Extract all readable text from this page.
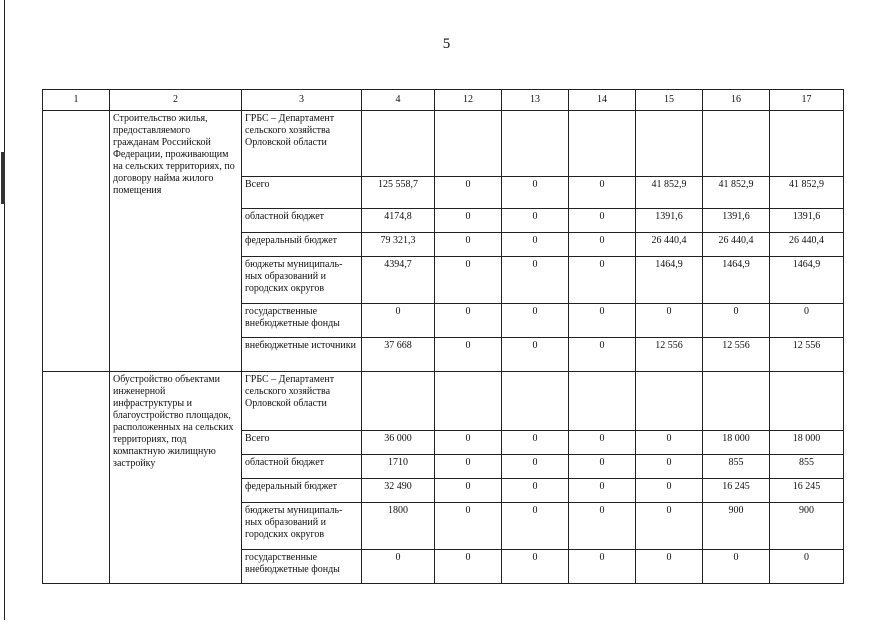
5
1	2	3	4	12	13	14	15	16	17
	Строительство жилья, предоставляемого гражданам Российской Федерации, проживающим на сельских территориях, по договору найма жилого помещения	ГРБС – Департамент сельского хозяйства Орловской области							
		Всего	125 558,7	0	0	0	41 852,9	41 852,9	41 852,9
		областной бюджет	4174,8	0	0	0	1391,6	1391,6	1391,6
		федеральный бюджет	79 321,3	0	0	0	26 440,4	26 440,4	26 440,4
		бюджеты муниципаль-ных образований и городских округов	4394,7	0	0	0	1464,9	1464,9	1464,9
		государственные внебюджетные фонды	0	0	0	0	0	0	0
		внебюджетные источники	37 668	0	0	0	12 556	12 556	12 556
	Обустройство объектами инженерной инфраструктуры и благоустройство площадок, расположенных на сельских территориях, под компактную жилищную застройку	ГРБС – Департамент сельского хозяйства Орловской области							
		Всего	36 000	0	0	0	0	18 000	18 000
		областной бюджет	1710	0	0	0	0	855	855
		федеральный бюджет	32 490	0	0	0	0	16 245	16 245
		бюджеты муниципаль-ных образований и городских округов	1800	0	0	0	0	900	900
		государственные внебюджетные фонды	0	0	0	0	0	0	0
